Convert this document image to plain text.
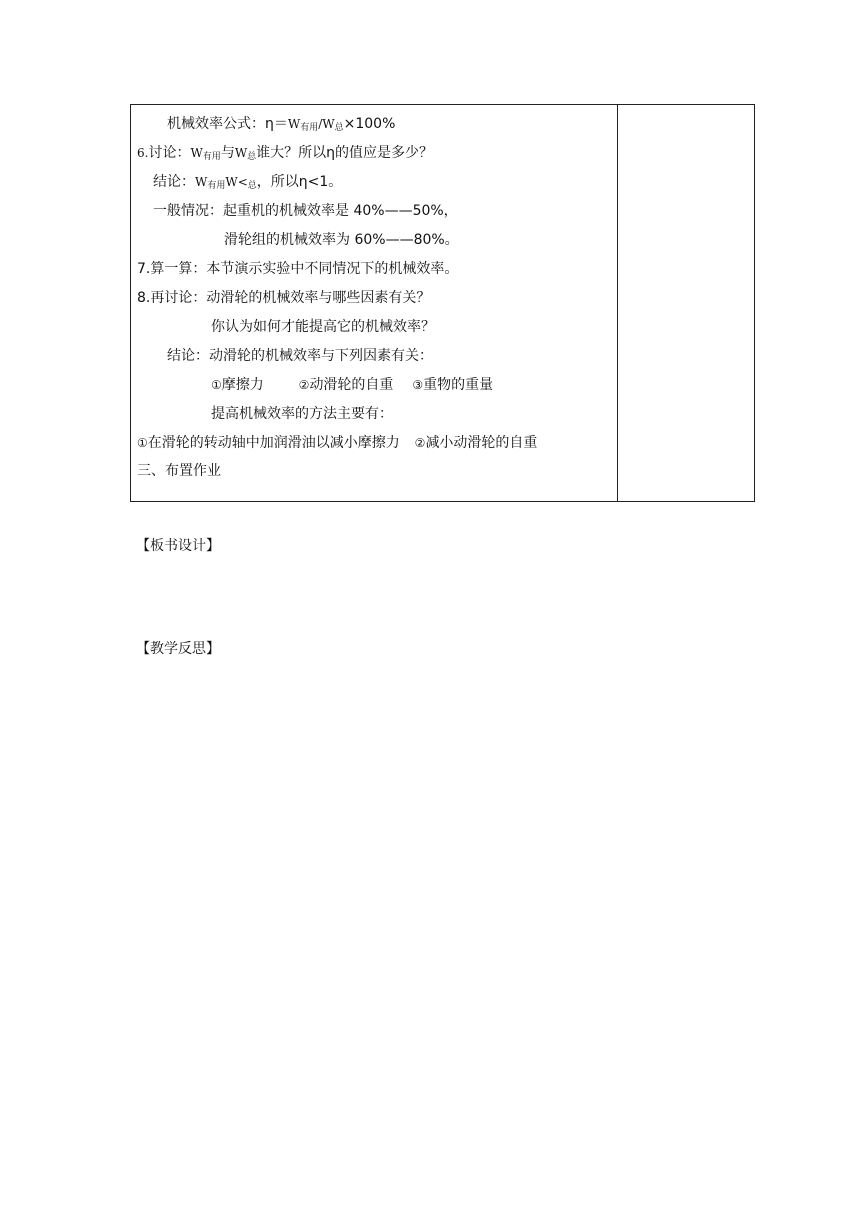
机械效率公式：η＝W有用/W总×100%
6.讨论：W有用与W总谁大？所以η的值应是多少？
结论：W有用W<总，所以η<1。
一般情况：起重机的机械效率是 40%——50%，
滑轮组的机械效率为 60%——80%。
7.算一算：本节演示实验中不同情况下的机械效率。
8.再讨论：动滑轮的机械效率与哪些因素有关？
你认为如何才能提高它的机械效率？
结论：动滑轮的机械效率与下列因素有关：
①摩擦力	②动滑轮的自重 ③重物的重量
提高机械效率的方法主要有：
①在滑轮的转动轴中加润滑油以减小摩擦力 ②减小动滑轮的自重
三、布置作业
【板书设计】
【教学反思】
